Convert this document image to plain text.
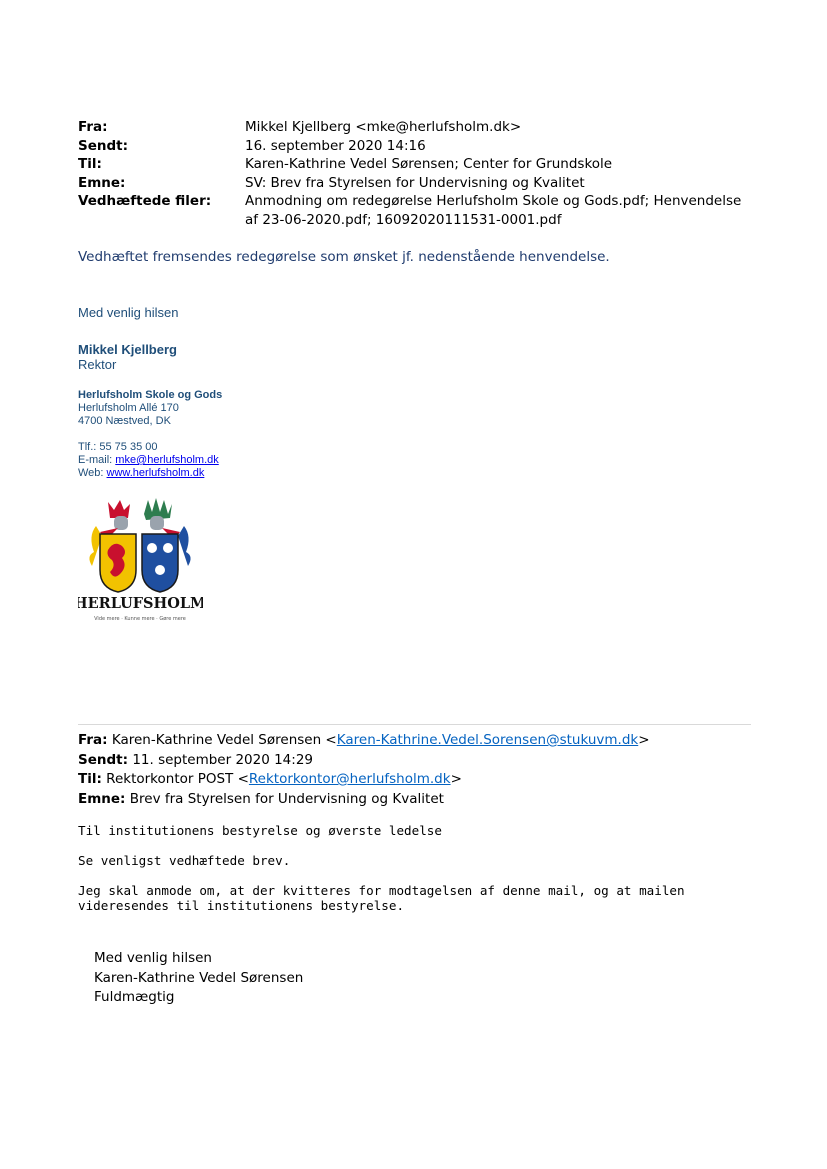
Fra:	Mikkel Kjellberg <mke@herlufsholm.dk>
Sendt:	16. september 2020 14:16
Til:	Karen-Kathrine Vedel Sørensen; Center for Grundskole
Emne:	SV: Brev fra Styrelsen for Undervisning og Kvalitet
Vedhæftede filer:	Anmodning om redegørelse Herlufsholm Skole og Gods.pdf; Henvendelse af 23-06-2020.pdf; 16092020111531-0001.pdf
Vedhæftet fremsendes redegørelse som ønsket jf. nedenstående henvendelse.

Med venlig hilsen

Mikkel Kjellberg

Rektor

Herlufsholm Skole og Gods

Herlufsholm Allé 170

4700 Næstved, DK

Tlf.: 55 75 35 00

E-mail: mke@herlufsholm.dk

Web: www.herlufsholm.dk

HERLUFSHOLM
Vide mere · Kunne mere · Gøre mere
Fra: Karen-Kathrine Vedel Sørensen <Karen-Kathrine.Vedel.Sorensen@stukuvm.dk>
Sendt: 11. september 2020 14:29
Til: Rektorkontor POST <Rektorkontor@herlufsholm.dk>
Emne: Brev fra Styrelsen for Undervisning og Kvalitet

Til institutionens bestyrelse og øverste ledelse

Se venligst vedhæftede brev.

Jeg skal anmode om, at der kvitteres for modtagelsen af denne mail, og at mailen videresendes til institutionens bestyrelse.

Med venlig hilsen
Karen-Kathrine Vedel Sørensen
Fuldmægtig
